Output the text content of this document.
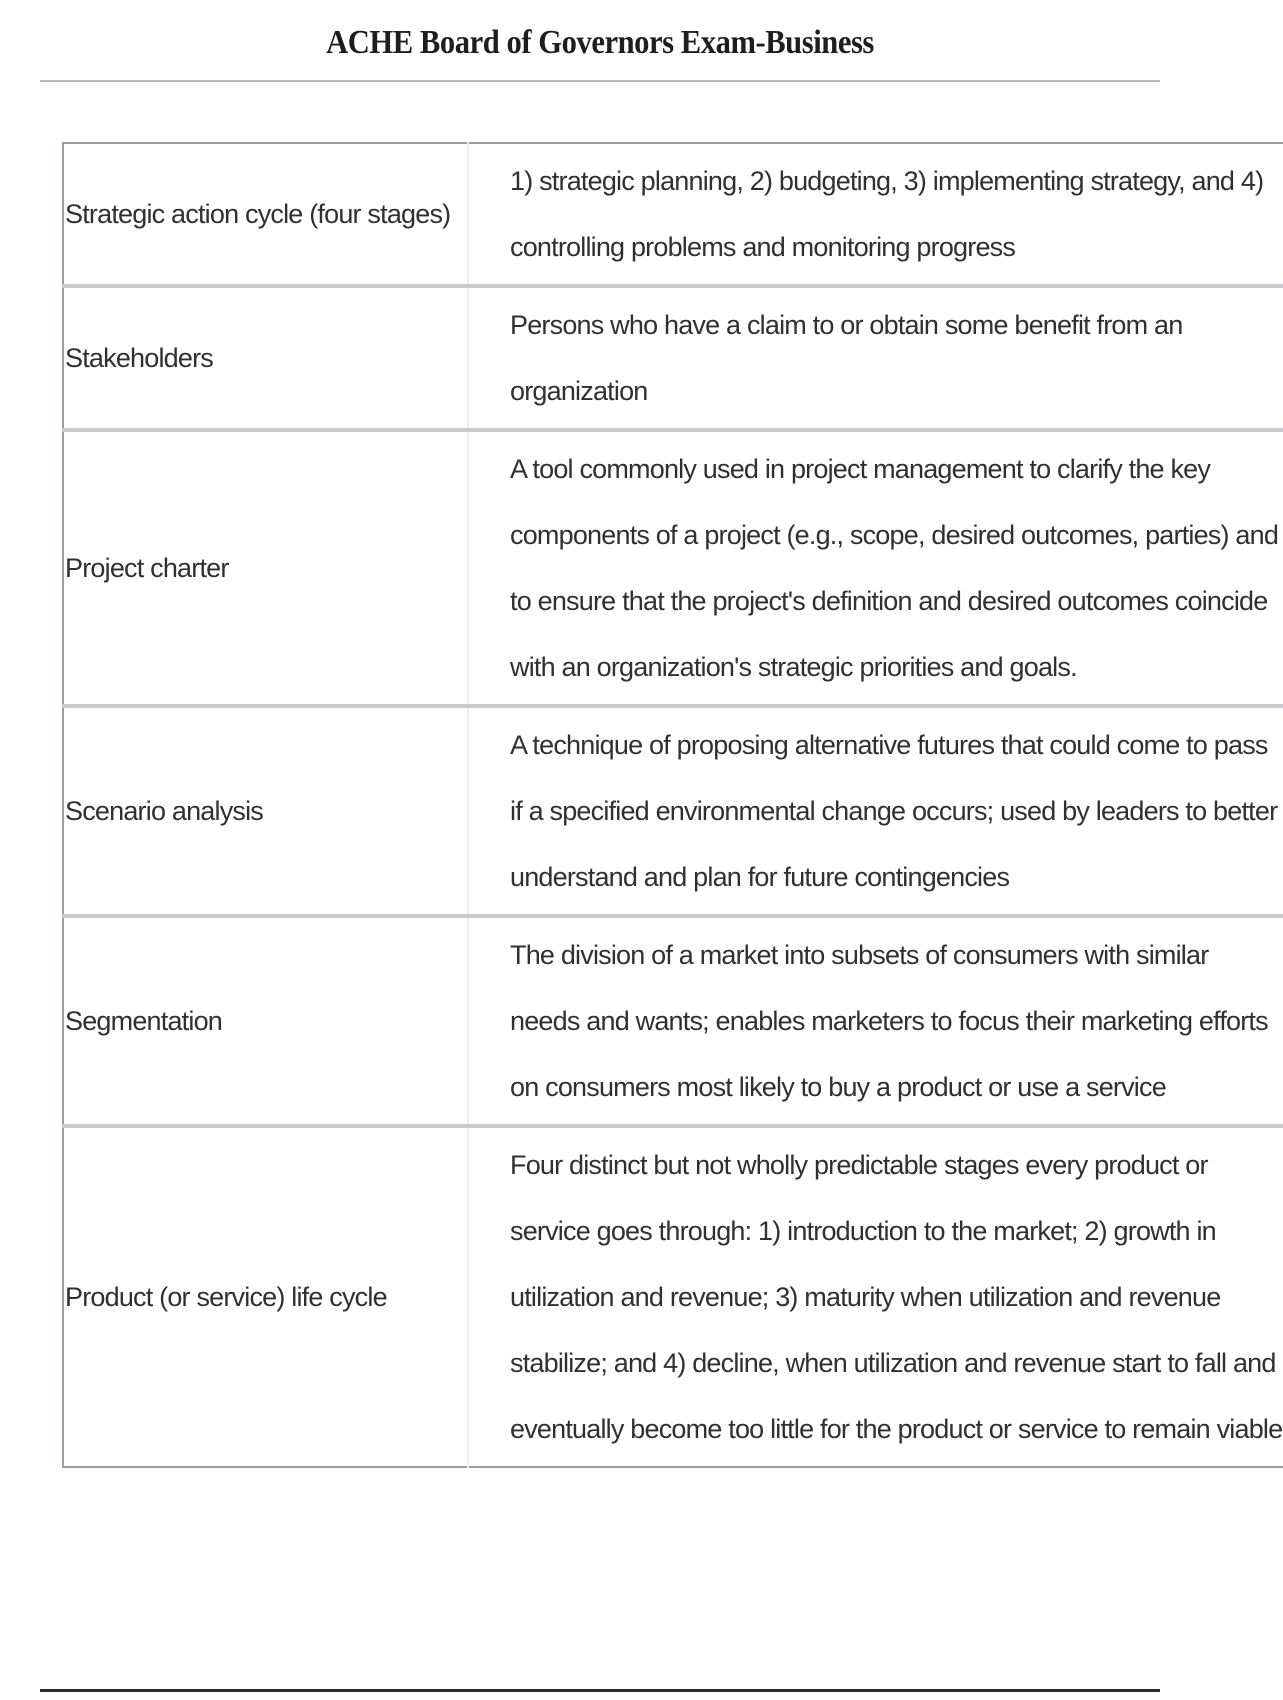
ACHE Board of Governors Exam-Business
Strategic action cycle (four stages)	1) strategic planning, 2) budgeting, 3) implementing strategy, and 4) controlling problems and monitoring progress
Stakeholders	Persons who have a claim to or obtain some benefit from an organization
Project charter	A tool commonly used in project management to clarify the key components of a project (e.g., scope, desired outcomes, parties) and to ensure that the project's definition and desired outcomes coincide with an organization's strategic priorities and goals.
Scenario analysis	A technique of proposing alternative futures that could come to pass if a specified environmental change occurs; used by leaders to better understand and plan for future contingencies
Segmentation	The division of a market into subsets of consumers with similar needs and wants; enables marketers to focus their marketing efforts on consumers most likely to buy a product or use a service
Product (or service) life cycle	Four distinct but not wholly predictable stages every product or service goes through: 1) introduction to the market; 2) growth in utilization and revenue; 3) maturity when utilization and revenue stabilize; and 4) decline, when utilization and revenue start to fall and eventually become too little for the product or service to remain viable
